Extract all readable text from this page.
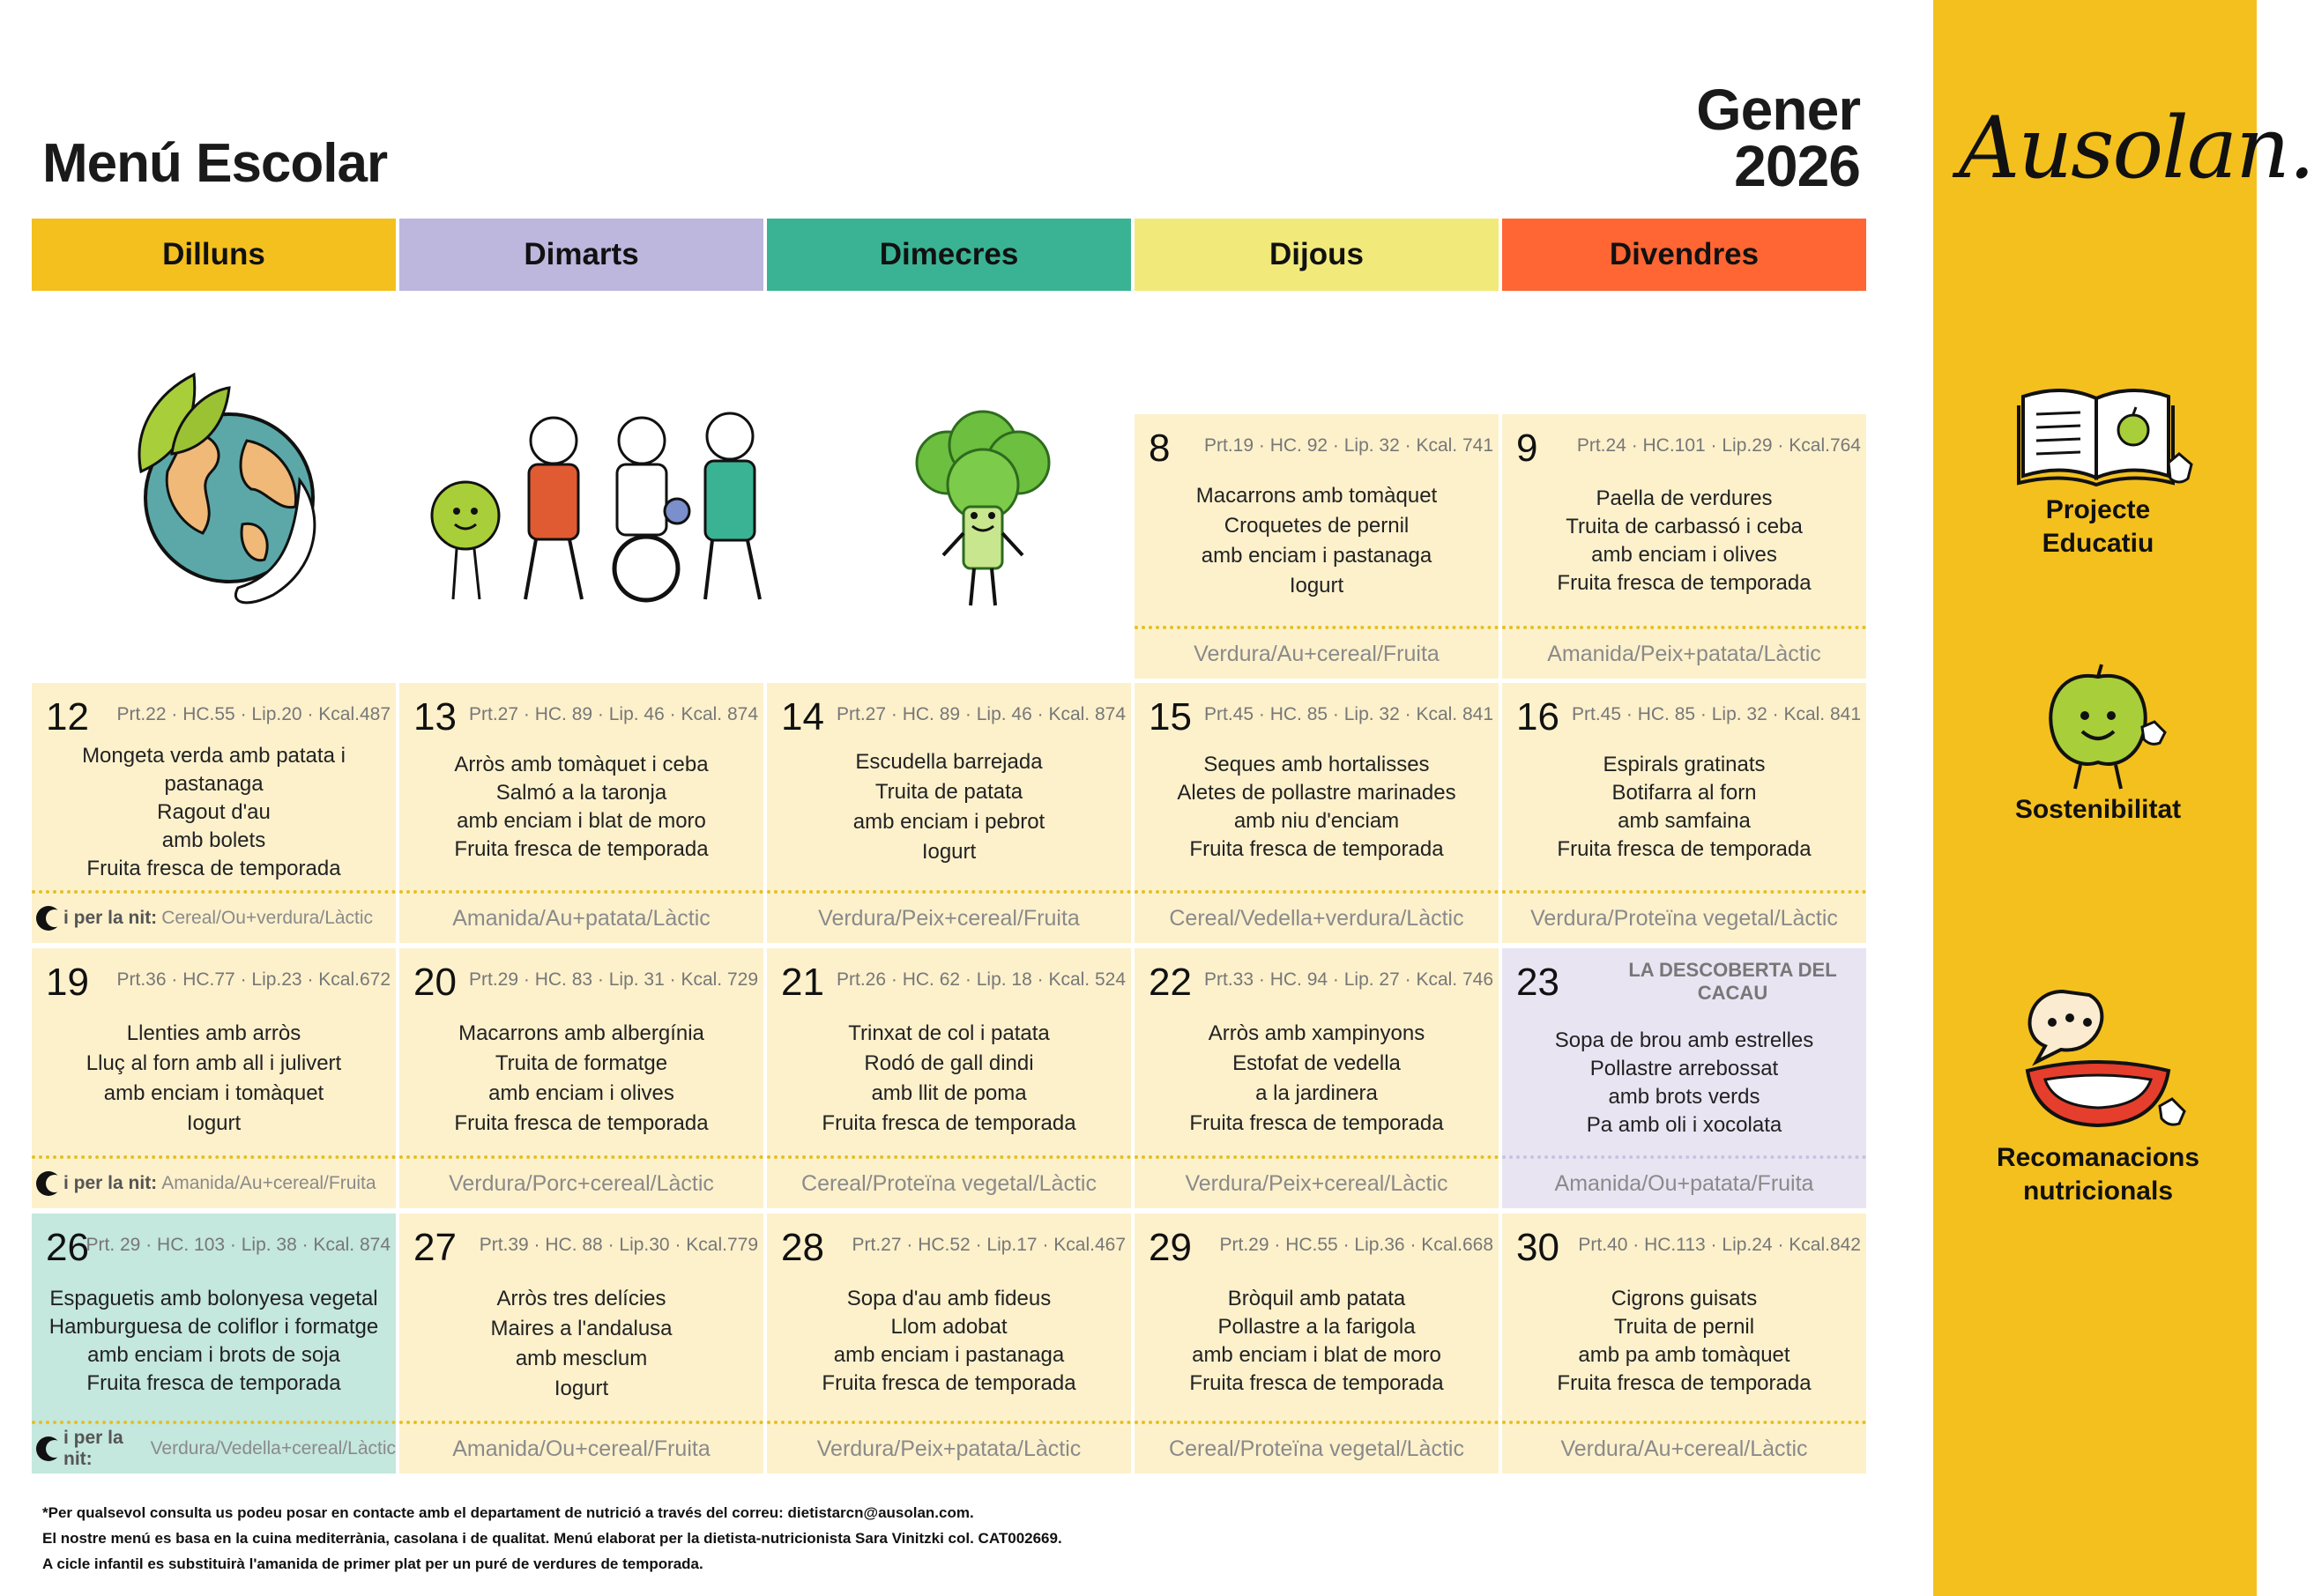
Menú Escolar
Gener
2026 Ausolan.
Projecte
Educatiu
Sostenibilitat
Recomanacions
nutricionals
Dilluns	Dimarts	Dimecres	Dijous	Divendres
8 Prt.19 · HC. 92 · Lip. 32 · Kcal. 741
Macarrons amb tomàquet
Croquetes de pernil
amb enciam i pastanaga
Iogurt
Verdura/Au+cereal/Fruita
9 Prt.24 · HC.101 · Lip.29 · Kcal.764
Paella de verdures
Truita de carbassó i ceba
amb enciam i olives
Fruita fresca de temporada
Amanida/Peix+patata/Làctic
12 Prt.22 · HC.55 · Lip.20 · Kcal.487
Mongeta verda amb patata i
pastanaga
Ragout d'au
amb bolets
Fruita fresca de temporada
i per la nit: Cereal/Ou+verdura/Làctic
13 Prt.27 · HC. 89 · Lip. 46 · Kcal. 874
Arròs amb tomàquet i ceba
Salmó a la taronja
amb enciam i blat de moro
Fruita fresca de temporada
Amanida/Au+patata/Làctic
14 Prt.27 · HC. 89 · Lip. 46 · Kcal. 874
Escudella barrejada
Truita de patata
amb enciam i pebrot
Iogurt
Verdura/Peix+cereal/Fruita
15 Prt.45 · HC. 85 · Lip. 32 · Kcal. 841
Seques amb hortalisses
Aletes de pollastre marinades
amb niu d'enciam
Fruita fresca de temporada
Cereal/Vedella+verdura/Làctic
16 Prt.45 · HC. 85 · Lip. 32 · Kcal. 841
Espirals gratinats
Botifarra al forn
amb samfaina
Fruita fresca de temporada
Verdura/Proteïna vegetal/Làctic
19 Prt.36 · HC.77 · Lip.23 · Kcal.672
Llenties amb arròs
Lluç al forn amb all i julivert
amb enciam i tomàquet
Iogurt
i per la nit: Amanida/Au+cereal/Fruita
20 Prt.29 · HC. 83 · Lip. 31 · Kcal. 729
Macarrons amb albergínia
Truita de formatge
amb enciam i olives
Fruita fresca de temporada
Verdura/Porc+cereal/Làctic
21 Prt.26 · HC. 62 · Lip. 18 · Kcal. 524
Trinxat de col i patata
Rodó de gall dindi
amb llit de poma
Fruita fresca de temporada
Cereal/Proteïna vegetal/Làctic
22 Prt.33 · HC. 94 · Lip. 27 · Kcal. 746
Arròs amb xampinyons
Estofat de vedella
a la jardinera
Fruita fresca de temporada
Verdura/Peix+cereal/Làctic
23	LA DESCOBERTA DEL CACAU
Sopa de brou amb estrelles
Pollastre arrebossat
amb brots verds
Pa amb oli i xocolata
Amanida/Ou+patata/Fruita
26
Prt. 29 · HC. 103 · Lip. 38 · Kcal. 874
Espaguetis amb bolonyesa vegetal
Hamburguesa de coliflor i formatge
amb enciam i brots de soja
Fruita fresca de temporada
i per la nit:
Verdura/Vedella+cereal/Làctic
27 Prt.39 · HC. 88 · Lip.30 · Kcal.779
Arròs tres delícies
Maires a l'andalusa
amb mesclum
Iogurt
Amanida/Ou+cereal/Fruita
28 Prt.27 · HC.52 · Lip.17 · Kcal.467
Sopa d'au amb fideus
Llom adobat
amb enciam i pastanaga
Fruita fresca de temporada
Verdura/Peix+patata/Làctic
29 Prt.29 · HC.55 · Lip.36 · Kcal.668
Bròquil amb patata
Pollastre a la farigola
amb enciam i blat de moro
Fruita fresca de temporada
Cereal/Proteïna vegetal/Làctic
30 Prt.40 · HC.113 · Lip.24 · Kcal.842
Cigrons guisats
Truita de pernil
amb pa amb tomàquet
Fruita fresca de temporada
Verdura/Au+cereal/Làctic
*Per qualsevol consulta us podeu posar en contacte amb el departament de nutrició a través del correu: dietistarcn@ausolan.com.
El nostre menú es basa en la cuina mediterrània, casolana i de qualitat. Menú elaborat per la dietista-nutricionista Sara Vinitzki col. CAT002669.
A cicle infantil es substituirà l'amanida de primer plat per un puré de verdures de temporada.
